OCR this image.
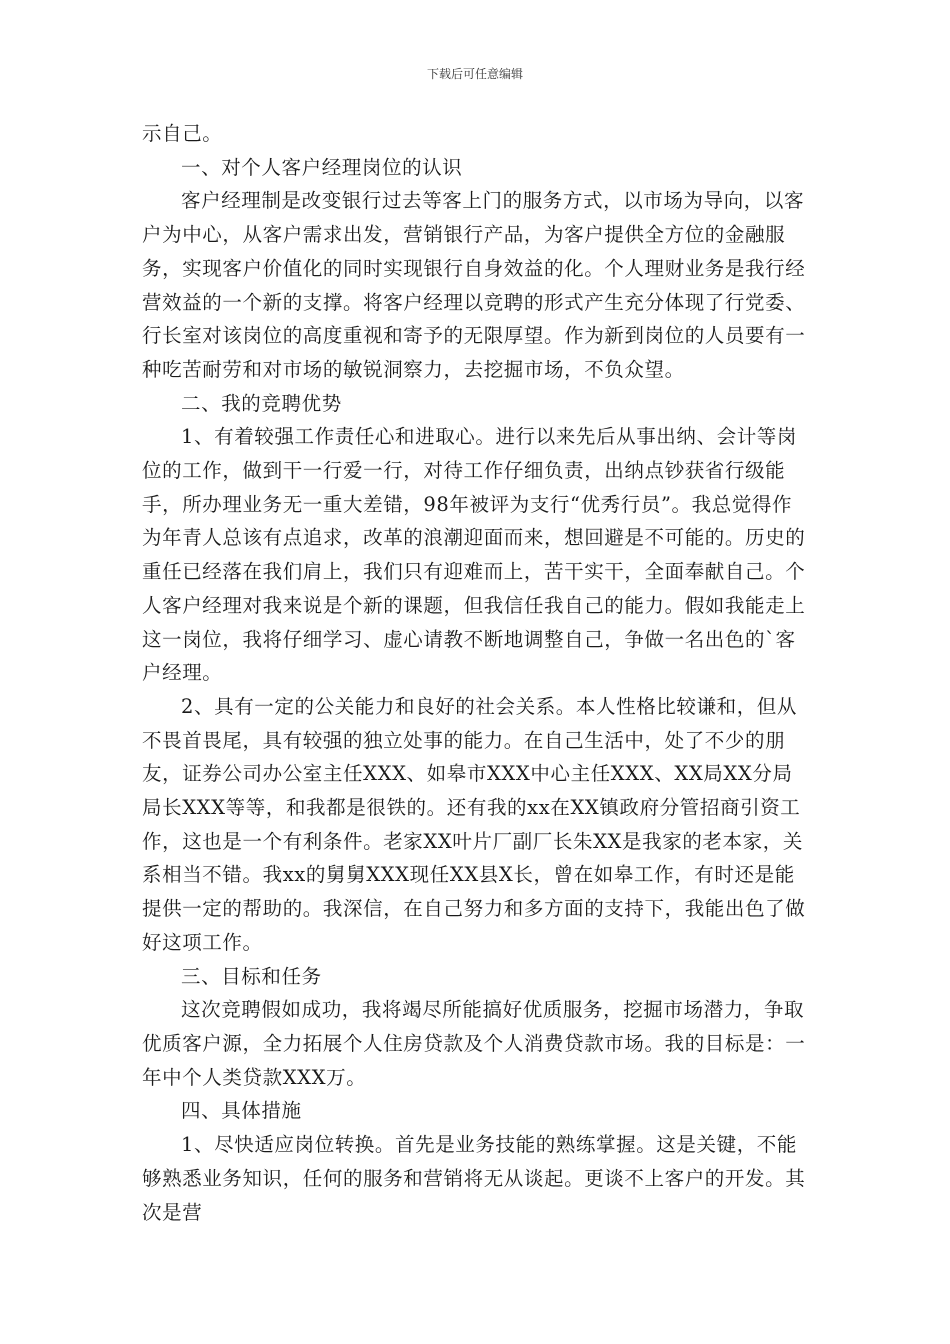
下载后可任意编辑

示自己。

一、对个人客户经理岗位的认识

客户经理制是改变银行过去等客上门的服务方式，以市场为导向，以客户为中心，从客户需求出发，营销银行产品，为客户提供全方位的金融服务，实现客户价值化的同时实现银行自身效益的化。个人理财业务是我行经营效益的一个新的支撑。将客户经理以竞聘的形式产生充分体现了行党委、行长室对该岗位的高度重视和寄予的无限厚望。作为新到岗位的人员要有一种吃苦耐劳和对市场的敏锐洞察力，去挖掘市场，不负众望。

二、我的竞聘优势

1、有着较强工作责任心和进取心。进行以来先后从事出纳、会计等岗位的工作，做到干一行爱一行，对待工作仔细负责，出纳点钞获省行级能手，所办理业务无一重大差错，98年被评为支行“优秀行员”。我总觉得作为年青人总该有点追求，改革的浪潮迎面而来，想回避是不可能的。历史的重任已经落在我们肩上，我们只有迎难而上，苦干实干，全面奉献自己。个人客户经理对我来说是个新的课题，但我信任我自己的能力。假如我能走上这一岗位，我将仔细学习、虚心请教不断地调整自己，争做一名出色的`客户经理。

2、具有一定的公关能力和良好的社会关系。本人性格比较谦和，但从不畏首畏尾，具有较强的独立处事的能力。在自己生活中，处了不少的朋友，证券公司办公室主任XXX、如皋市XXX中心主任XXX、XX局XX分局局长XXX等等，和我都是很铁的。还有我的xx在XX镇政府分管招商引资工作，这也是一个有利条件。老家XX叶片厂副厂长朱XX是我家的老本家，关系相当不错。我xx的舅舅XXX现任XX县X长，曾在如皋工作，有时还是能提供一定的帮助的。我深信，在自己努力和多方面的支持下，我能出色了做好这项工作。

三、目标和任务

这次竞聘假如成功，我将竭尽所能搞好优质服务，挖掘市场潜力，争取优质客户源，全力拓展个人住房贷款及个人消费贷款市场。我的目标是：一年中个人类贷款XXX万。

四、具体措施

1、尽快适应岗位转换。首先是业务技能的熟练掌握。这是关键，不能够熟悉业务知识，任何的服务和营销将无从谈起。更谈不上客户的开发。其次是营
